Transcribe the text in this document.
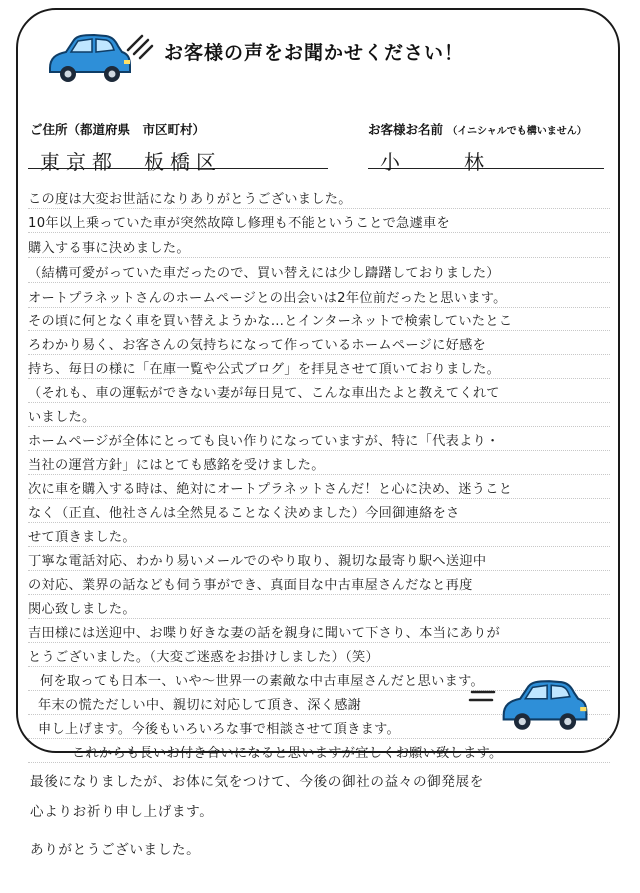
お客様の声をお聞かせください！
ご住所（都道府県　市区町村）	お客様お名前 （イニシャルでも構いません）
東京都　板橋区	小　林
この度は大変お世話になりありがとうございました。
10年以上乗っていた車が突然故障し修理も不能ということで急遽車を
購入する事に決めました。
（結構可愛がっていた車だったので、買い替えには少し躊躇しておりました）
オートプラネットさんのホームページとの出会いは2年位前だったと思います。
その頃に何となく車を買い替えようかな…とインターネットで検索していたとこ
ろわかり易く、お客さんの気持ちになって作っているホームページに好感を
持ち、毎日の様に「在庫一覧や公式ブログ」を拝見させて頂いておりました。
（それも、車の運転ができない妻が毎日見て、こんな車出たよと教えてくれて
いました。
ホームページが全体にとっても良い作りになっていますが、特に「代表より・
当社の運営方針」にはとても感銘を受けました。
次に車を購入する時は、絶対にオートプラネットさんだ！と心に決め、迷うこと
なく（正直、他社さんは全然見ることなく決めました）今回御連絡をさ
せて頂きました。
丁寧な電話対応、わかり易いメールでのやり取り、親切な最寄り駅へ送迎中
の対応、業界の話なども伺う事ができ、真面目な中古車屋さんだなと再度
関心致しました。
吉田様には送迎中、お喋り好きな妻の話を親身に聞いて下さり、本当にありが
とうございました。（大変ご迷惑をお掛けしました）（笑）
何を取っても日本一、いや～世界一の素敵な中古車屋さんだと思います。
年末の慌ただしい中、親切に対応して頂き、深く感謝
申し上げます。今後もいろいろな事で相談させて頂きます。
これからも長いお付き合いになると思いますが宜しくお願い致します。
最後になりましたが、お体に気をつけて、今後の御社の益々の御発展を
心よりお祈り申し上げます。
ありがとうございました。
